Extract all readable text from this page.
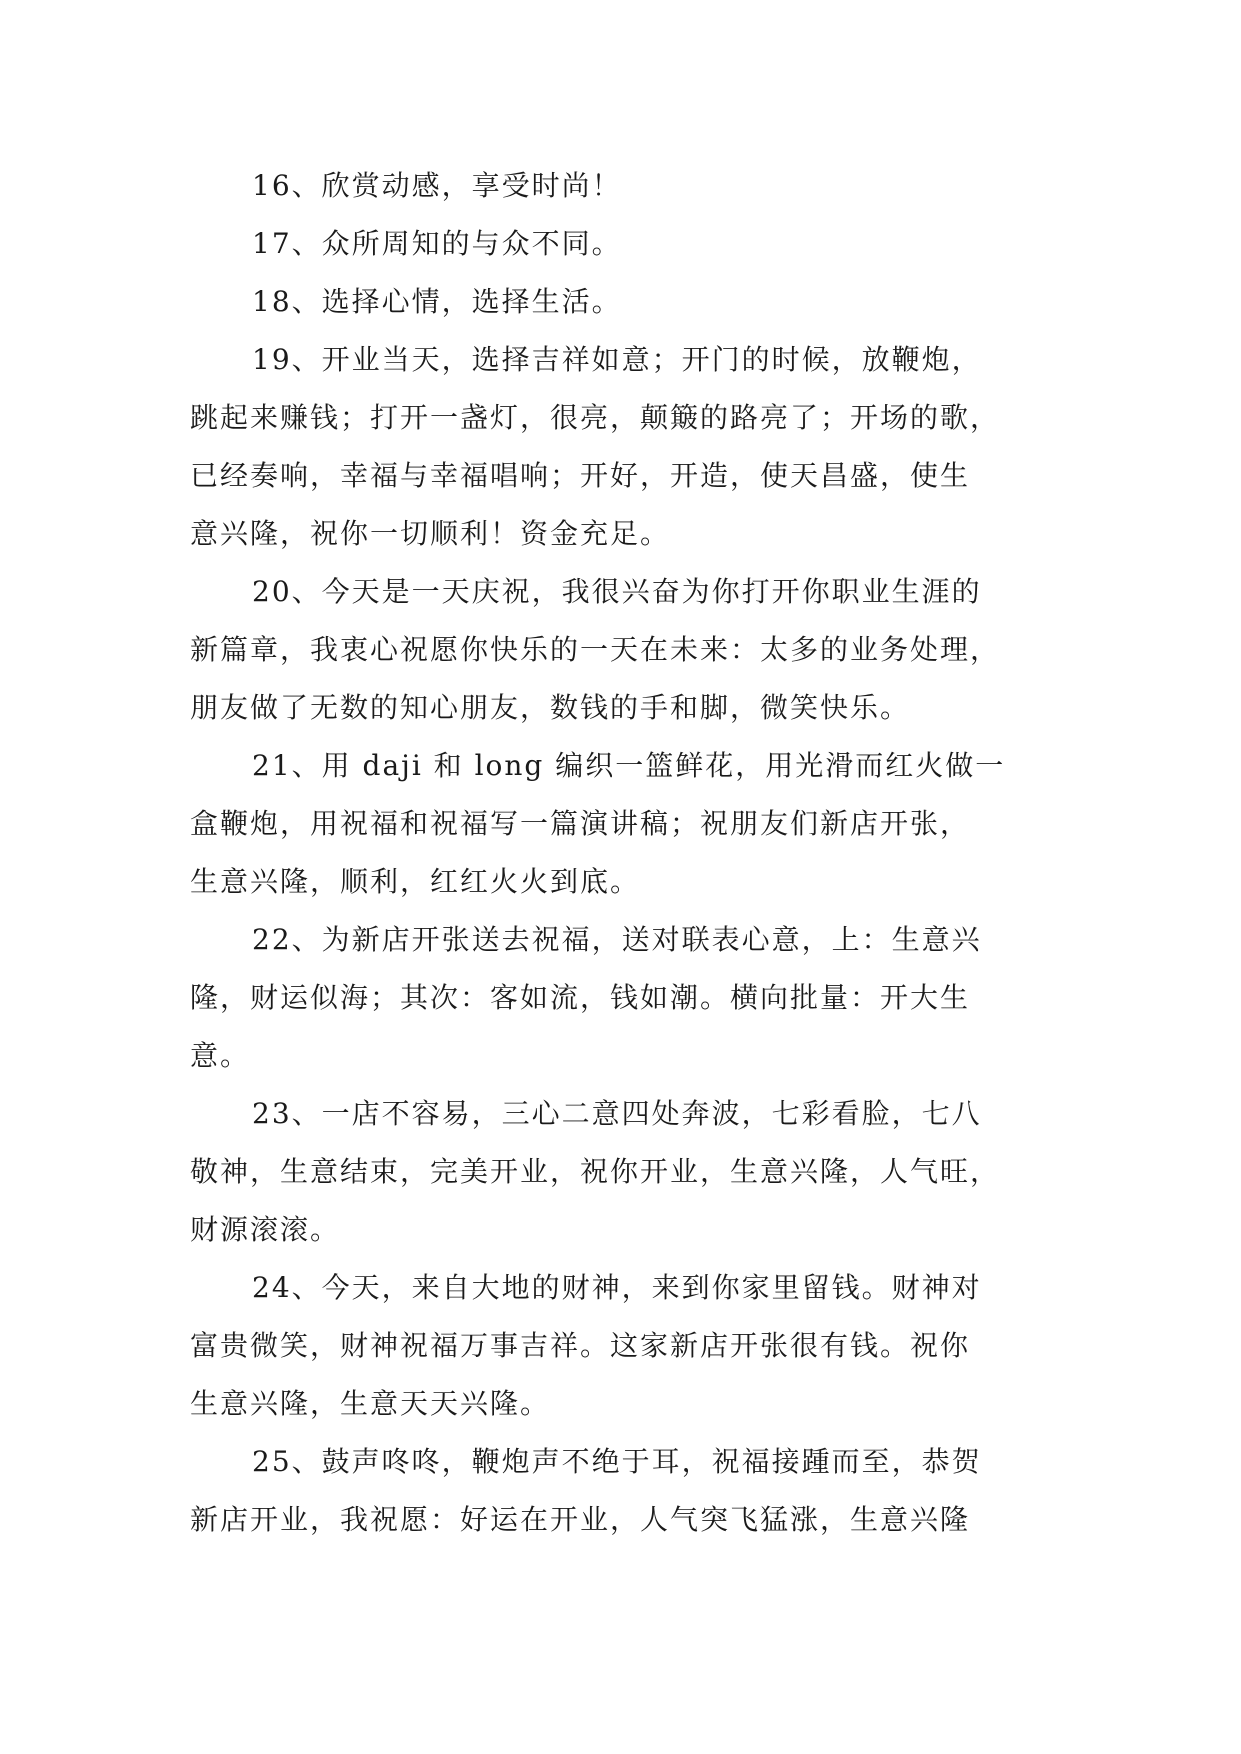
16、欣赏动感，享受时尚！

17、众所周知的与众不同。

18、选择心情，选择生活。

19、开业当天，选择吉祥如意；开门的时候，放鞭炮，
跳起来赚钱；打开一盏灯，很亮，颠簸的路亮了；开场的歌，
已经奏响，幸福与幸福唱响；开好，开造，使天昌盛，使生
意兴隆，祝你一切顺利！资金充足。

20、今天是一天庆祝，我很兴奋为你打开你职业生涯的
新篇章，我衷心祝愿你快乐的一天在未来：太多的业务处理，
朋友做了无数的知心朋友，数钱的手和脚，微笑快乐。

21、用 daji 和 long 编织一篮鲜花，用光滑而红火做一
盒鞭炮，用祝福和祝福写一篇演讲稿；祝朋友们新店开张，
生意兴隆，顺利，红红火火到底。

22、为新店开张送去祝福，送对联表心意，上：生意兴
隆，财运似海；其次：客如流，钱如潮。横向批量：开大生
意。

23、一店不容易，三心二意四处奔波，七彩看脸，七八
敬神，生意结束，完美开业，祝你开业，生意兴隆，人气旺，
财源滚滚。

24、今天，来自大地的财神，来到你家里留钱。财神对
富贵微笑，财神祝福万事吉祥。这家新店开张很有钱。祝你
生意兴隆，生意天天兴隆。

25、鼓声咚咚，鞭炮声不绝于耳，祝福接踵而至，恭贺
新店开业，我祝愿：好运在开业，人气突飞猛涨，生意兴隆
